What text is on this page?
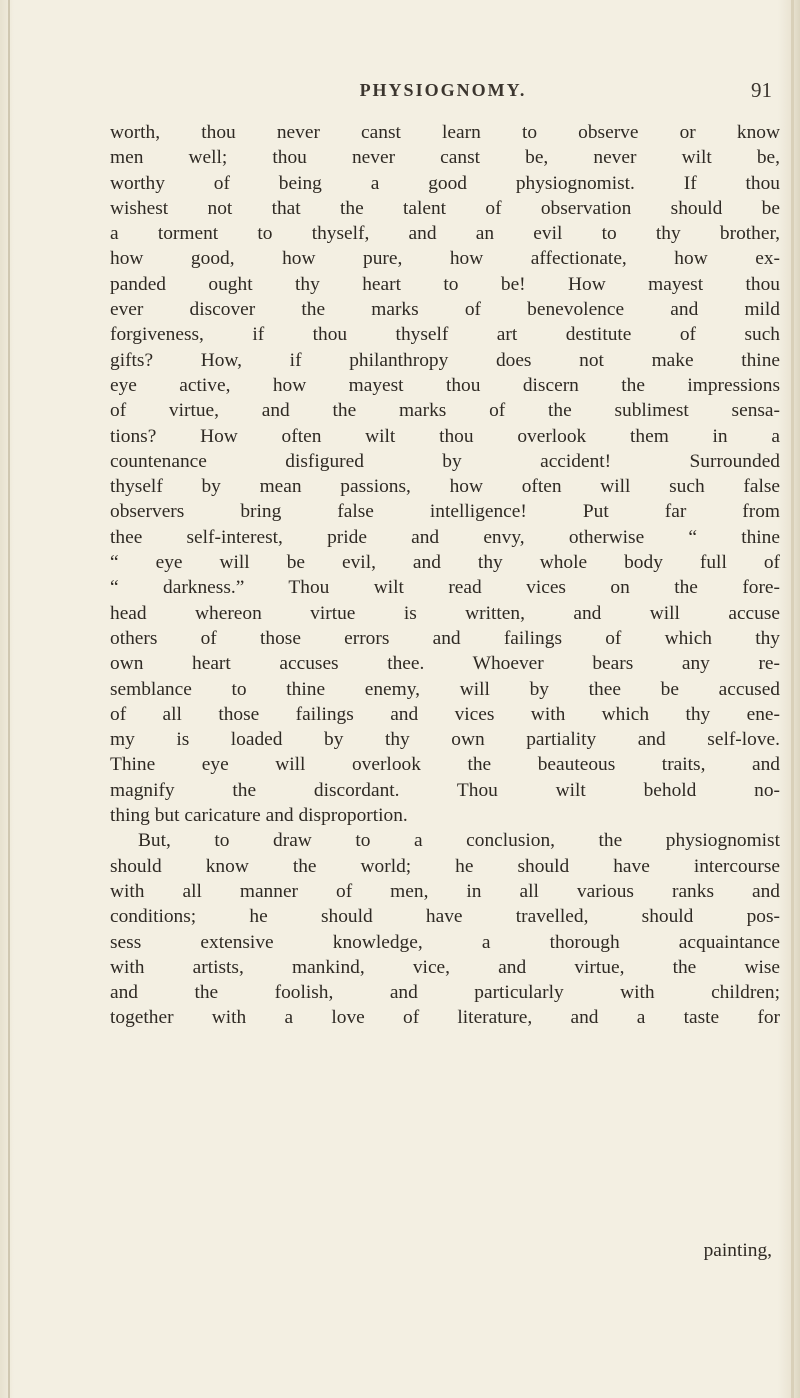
PHYSIOGNOMY.	91
worth, thou never canst learn to observe or know
men well; thou never canst be, never wilt be,
worthy of being a good physiognomist. If thou
wishest not that the talent of observation should be
a torment to thyself, and an evil to thy brother,
how good, how pure, how affectionate, how ex-
panded ought thy heart to be! How mayest thou
ever discover the marks of benevolence and mild
forgiveness, if thou thyself art destitute of such
gifts? How, if philanthropy does not make thine
eye active, how mayest thou discern the impressions
of virtue, and the marks of the sublimest sensa-
tions? How often wilt thou overlook them in a
countenance disfigured by accident! Surrounded
thyself by mean passions, how often will such false
observers bring false intelligence! Put far from
thee self-interest, pride and envy, otherwise “ thine
“ eye will be evil, and thy whole body full of
“ darkness.” Thou wilt read vices on the fore-
head whereon virtue is written, and will accuse
others of those errors and failings of which thy
own heart accuses thee. Whoever bears any re-
semblance to thine enemy, will by thee be accused
of all those failings and vices with which thy ene-
my is loaded by thy own partiality and self-love.
Thine eye will overlook the beauteous traits, and
magnify the discordant. Thou wilt behold no-
thing but caricature and disproportion.
But, to draw to a conclusion, the physiognomist
should know the world; he should have intercourse
with all manner of men, in all various ranks and
conditions; he should have travelled, should pos-
sess extensive knowledge, a thorough acquaintance
with artists, mankind, vice, and virtue, the wise
and the foolish, and particularly with children;
together with a love of literature, and a taste for
painting,
